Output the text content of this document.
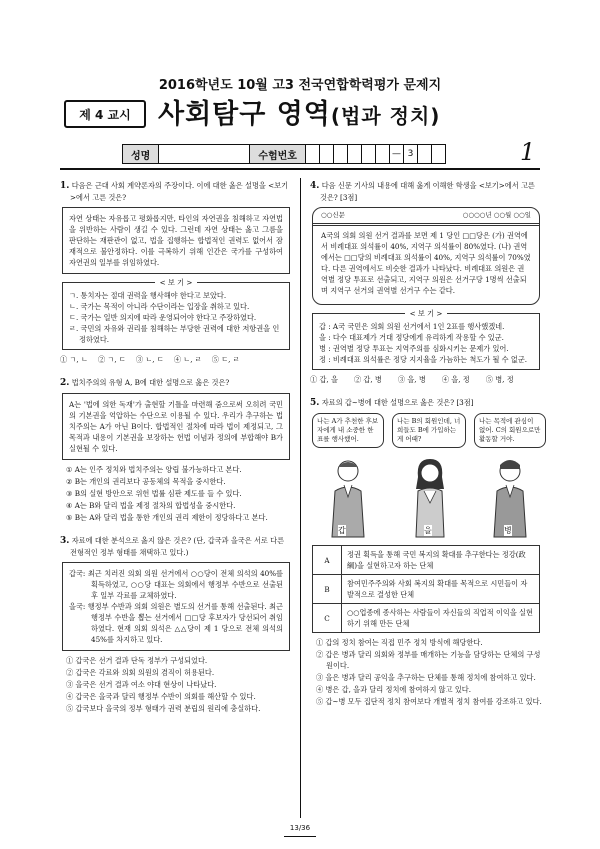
2016학년도 10월 고3 전국연합학력평가 문제지
제 4 교시	사회탐구 영역(법과 정치)
성명	수험번호	— 3	1
1. 다음은 근대 사회 계약론자의 주장이다. 이에 대한 옳은 설명을 <보기>에서 고른 것은?
자연 상태는 자유롭고 평화롭지만, 타인의 자연권을 침해하고 자연법을 위반하는 사람이 생길 수 있다. 그런데 자연 상태는 옳고 그름을 판단하는 재판관이 없고, 법을 집행하는 합법적인 권력도 없어서 잠재적으로 불안정하다. 이를 극복하기 위해 인간은 국가를 구성하여 자연권의 일부를 위임하였다.
< 보 기 >
ㄱ. 통치자는 절대 권력을 행사해야 한다고 보았다.
ㄴ. 국가는 목적이 아니라 수단이라는 입장을 취하고 있다.
ㄷ. 국가는 일반 의지에 따라 운영되어야 한다고 주장하였다.
ㄹ. 국민의 자유와 권리를 침해하는 부당한 권력에 대한 저항권을 인정하였다.
① ㄱ, ㄴ ② ㄱ, ㄷ ③ ㄴ, ㄷ ④ ㄴ, ㄹ ⑤ ㄷ, ㄹ
2. 법치주의의 유형 A, B에 대한 설명으로 옳은 것은?
A는 '법에 의한 독재'가 출현할 기틀을 마련해 줌으로써 오히려 국민의 기본권을 억압하는 수단으로 이용될 수 있다. 우리가 추구하는 법치주의는 A가 아닌 B이다. 합법적인 절차에 따라 법이 제정되고, 그 목적과 내용이 기본권을 보장하는 헌법 이념과 정의에 부합해야 B가 실현될 수 있다.
① A는 인주 정치와 법치주의는 양립 불가능하다고 본다.
② B는 개인의 권리보다 공동체의 목적을 중시한다.
③ B의 실현 방안으로 위헌 법률 심판 제도를 들 수 있다.
④ A는 B와 달리 법을 제정 절차의 합법성을 중시한다.
⑤ B는 A와 달리 법을 통한 개인의 권리 제한이 정당하다고 본다.
3. 자료에 대한 분석으로 옳지 않은 것은? (단, 갑국과 을국은 서로 다른 전형적인 정부 형태를 채택하고 있다.)
갑국: 최근 치러진 의회 의원 선거에서 ○○당이 전체 의석의 40%를 획득하였고, ○○당 대표는 의회에서 행정부 수반으로 선출된 후 일부 각료를 교체하였다.
을국: 행정부 수반과 의회 의원은 별도의 선거를 통해 선출된다. 최근 행정부 수반을 뽑는 선거에서 □□당 후보자가 당선되어 취임하였다. 현재 의회 의석은 △△당이 제 1 당으로 전체 의석의 45%를 차지하고 있다.
① 갑국은 선거 결과 단독 정부가 구성되었다.
② 갑국은 각료와 의회 의원의 겸직이 허용된다.
③ 을국은 선거 결과 여소 야대 현상이 나타났다.
④ 갑국은 을국과 달리 행정부 수반이 의회를 해산할 수 있다.
⑤ 갑국보다 을국의 정부 형태가 권력 분립의 원리에 충실하다.
4. 다음 신문 기사의 내용에 대해 옳게 이해한 학생을 <보기>에서 고른 것은? [3점]
○○신문	○○○○년 ○○월 ○○일
A국의 의회 의원 선거 결과를 보면 제 1 당인 □□당은 (가) 권역에서 비례대표 의석률이 40%, 지역구 의석률이 80%였다. (나) 권역에서는 □□당의 비례대표 의석률이 40%, 지역구 의석률이 70%였다. 다른 권역에서도 비슷한 결과가 나타났다. 비례대표 의원은 권역별 정당 투표로 선출되고, 지역구 의원은 선거구당 1명씩 선출되며 지역구 선거의 권역별 선거구 수는 같다.
< 보 기 >
갑 : A국 국민은 의회 의원 선거에서 1인 2표를 행사했겠네.
을 : 다수 대표제가 거대 정당에게 유리하게 작용할 수 있군.
병 : 권역별 정당 투표는 지역주의를 심화시키는 문제가 있어.
정 : 비례대표 의석률은 정당 지지율을 가늠하는 척도가 될 수 없군.
① 갑, 을 ② 갑, 병 ③ 을, 병 ④ 을, 정 ⑤ 병, 정
5. 자료의 갑~병에 대한 설명으로 옳은 것은? [3점]
나는 A가 추천한 후보자에게 내 소중한 한 표를 행사했어.
나는 B의 회원인데, 너희들도 B에 가입하는 게 어때?
나는 목적에 관심이 없어. C의 회원으로만 활동할 거야.
갑	을	병
A	정권 획득을 통해 국민 복지의 확대를 추구한다는 정강(政綱)을 실현하고자 하는 단체
B	참여민주주의와 사회 복지의 확대를 목적으로 시민들이 자발적으로 결성한 단체
C	○○업종에 종사하는 사람들이 자신들의 직업적 이익을 실현하기 위해 만든 단체
① 갑의 정치 참여는 직접 민주 정치 방식에 해당한다.
② 갑은 병과 달리 의회와 정부를 매개하는 기능을 담당하는 단체의 구성원이다.
③ 을은 병과 달리 공익을 추구하는 단체를 통해 정치에 참여하고 있다.
④ 병은 갑, 을과 달리 정치에 참여하지 않고 있다.
⑤ 갑~병 모두 집단적 정치 참여보다 개별적 정치 참여를 강조하고 있다.
13 / 36
